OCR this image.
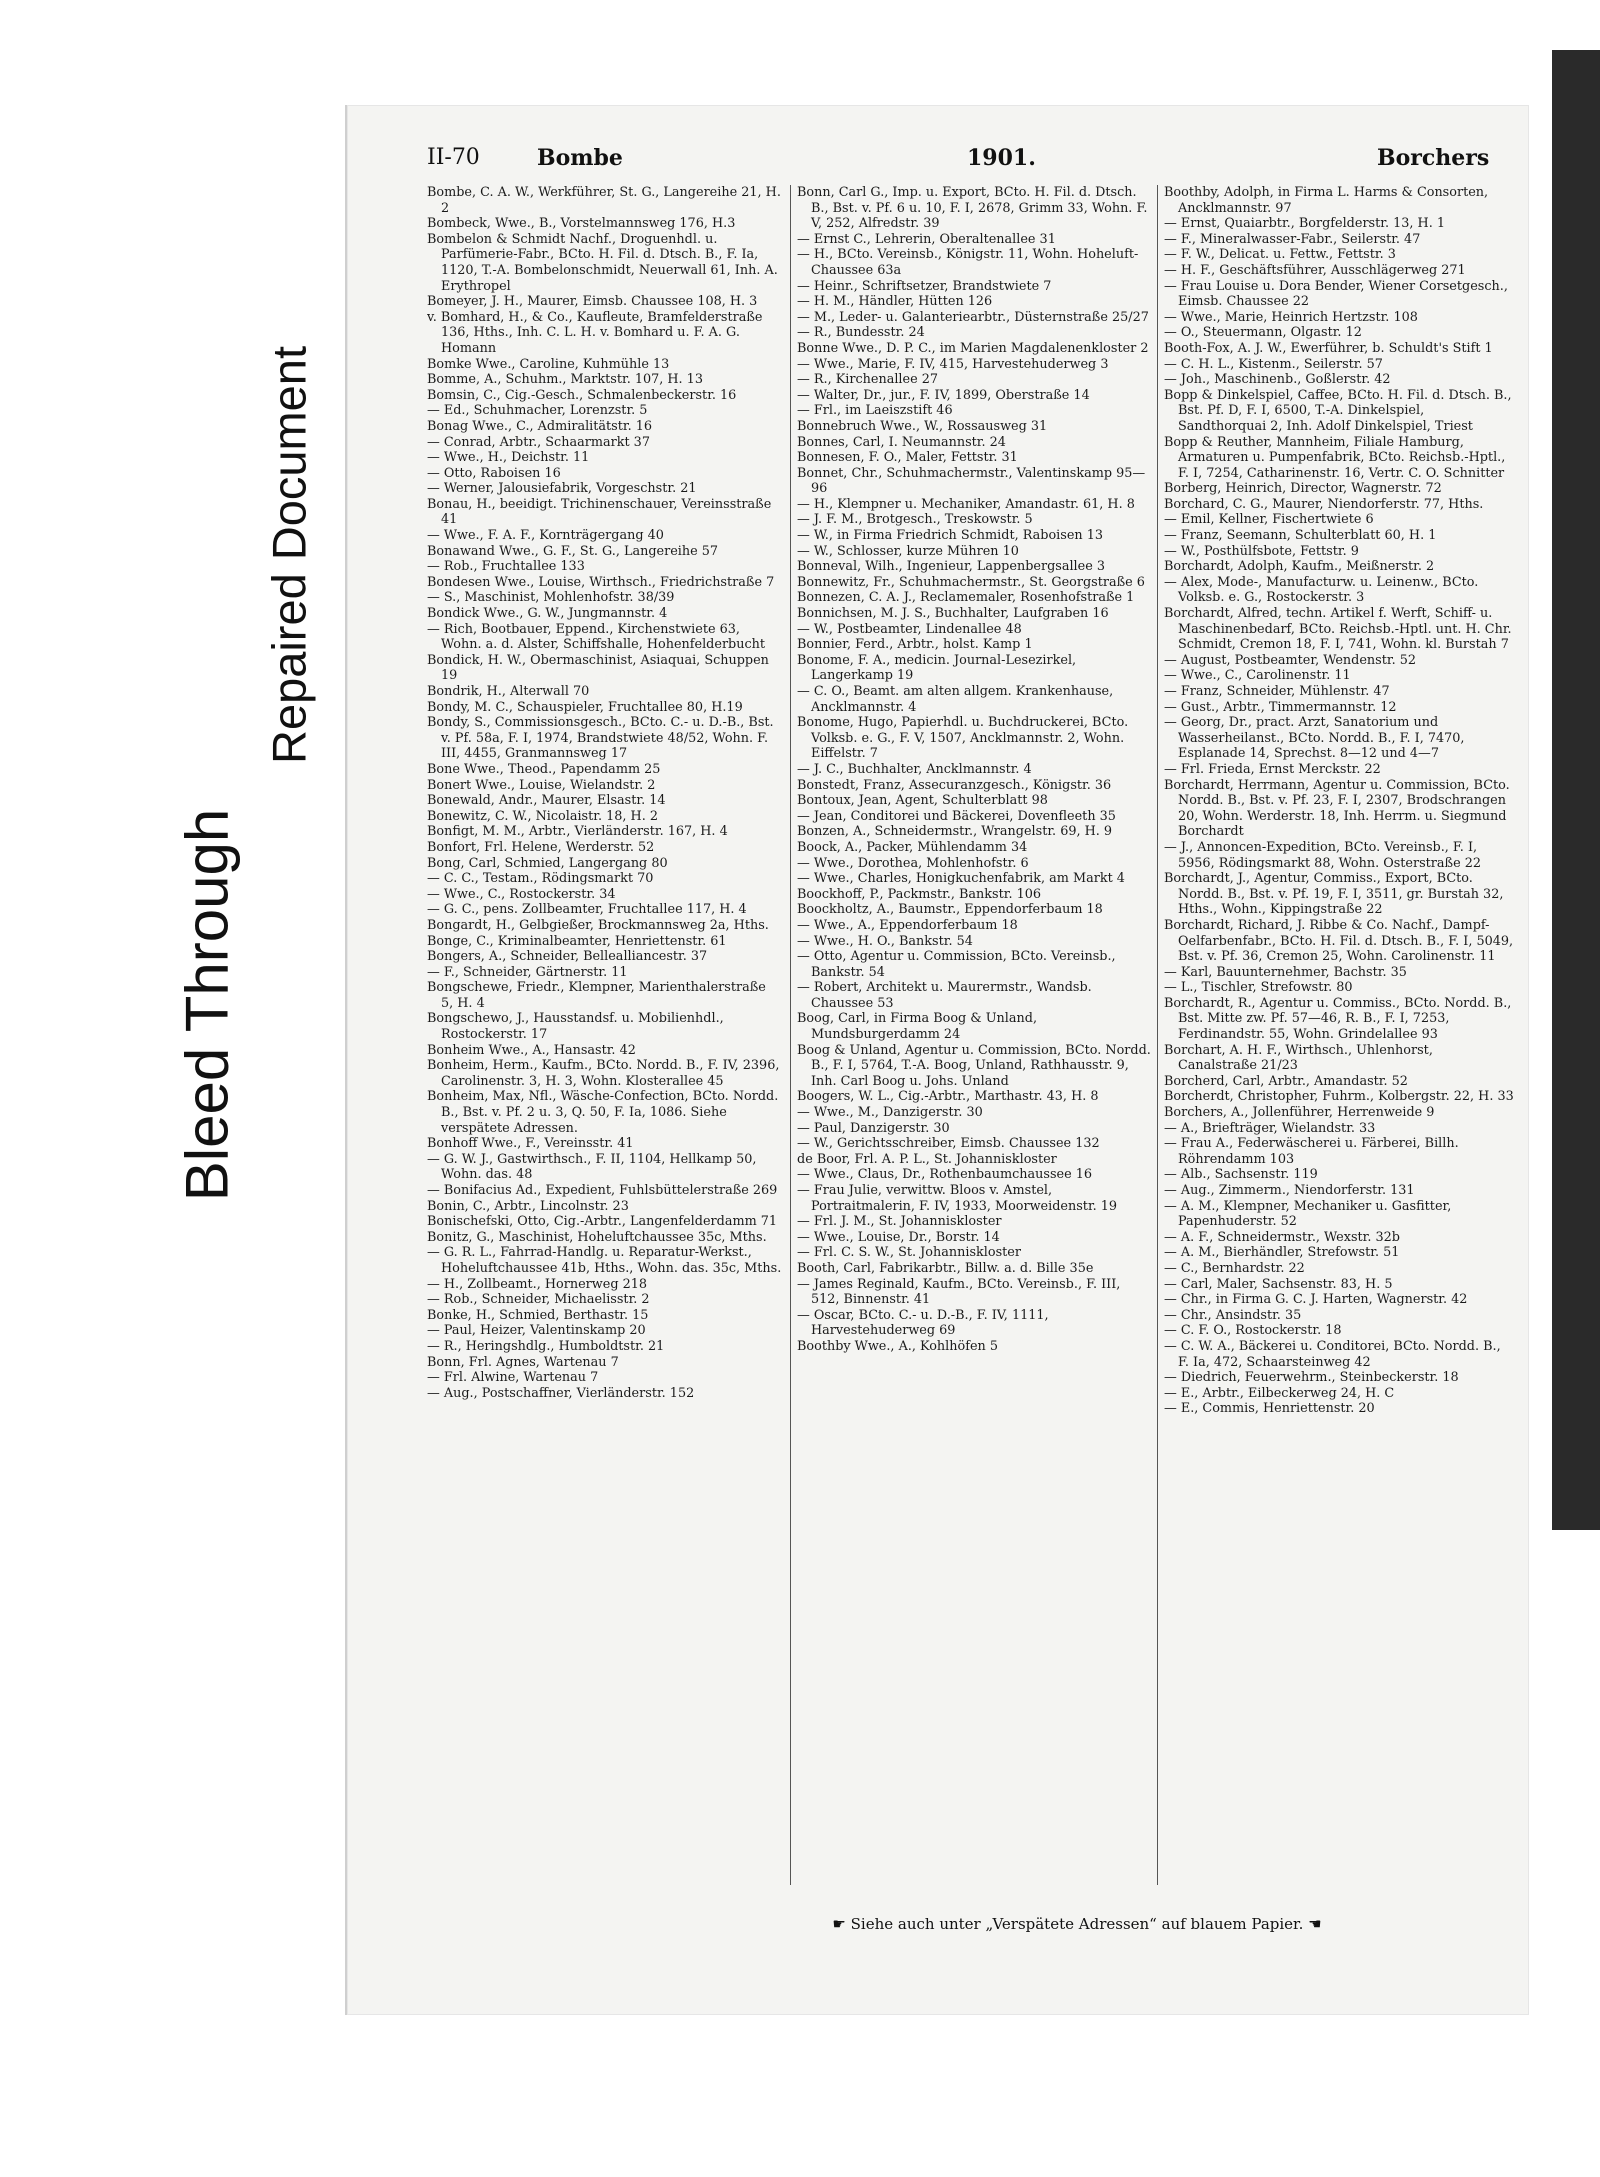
Bleed Through
Repaired Document
II-70	Bombe	1901.	Borchers

Bombe, C. A. W., Werkführer, St. G., Langereihe 21, H. 2

Bombeck, Wwe., B., Vorstelmannsweg 176, H.3

Bombelon & Schmidt Nachf., Droguenhdl. u. Parfümerie-Fabr., BCto. H. Fil. d. Dtsch. B., F. Ia, 1120, T.-A. Bombelonschmidt, Neuerwall 61, Inh. A. Erythropel

Bomeyer, J. H., Maurer, Eimsb. Chaussee 108, H. 3

v. Bomhard, H., & Co., Kaufleute, Bramfelderstraße 136, Hths., Inh. C. L. H. v. Bomhard u. F. A. G. Homann

Bomke Wwe., Caroline, Kuhmühle 13

Bomme, A., Schuhm., Marktstr. 107, H. 13

Bomsin, C., Cig.-Gesch., Schmalenbeckerstr. 16

— Ed., Schuhmacher, Lorenzstr. 5

Bonag Wwe., C., Admiralitätstr. 16

— Conrad, Arbtr., Schaarmarkt 37

— Wwe., H., Deichstr. 11

— Otto, Raboisen 16

— Werner, Jalousiefabrik, Vorgeschstr. 21

Bonau, H., beeidigt. Trichinenschauer, Vereinsstraße 41

— Wwe., F. A. F., Kornträgergang 40

Bonawand Wwe., G. F., St. G., Langereihe 57

— Rob., Fruchtallee 133

Bondesen Wwe., Louise, Wirthsch., Friedrichstraße 7

— S., Maschinist, Mohlenhofstr. 38/39

Bondick Wwe., G. W., Jungmannstr. 4

— Rich, Bootbauer, Eppend., Kirchenstwiete 63, Wohn. a. d. Alster, Schiffshalle, Hohenfelderbucht

Bondick, H. W., Obermaschinist, Asiaquai, Schuppen 19

Bondrik, H., Alterwall 70

Bondy, M. C., Schauspieler, Fruchtallee 80, H.19

Bondy, S., Commissionsgesch., BCto. C.- u. D.-B., Bst. v. Pf. 58a, F. I, 1974, Brandstwiete 48/52, Wohn. F. III, 4455, Granmannsweg 17

Bone Wwe., Theod., Papendamm 25

Bonert Wwe., Louise, Wielandstr. 2

Bonewald, Andr., Maurer, Elsastr. 14

Bonewitz, C. W., Nicolaistr. 18, H. 2

Bonfigt, M. M., Arbtr., Vierländerstr. 167, H. 4

Bonfort, Frl. Helene, Werderstr. 52

Bong, Carl, Schmied, Langergang 80

— C. C., Testam., Rödingsmarkt 70

— Wwe., C., Rostockerstr. 34

— G. C., pens. Zollbeamter, Fruchtallee 117, H. 4

Bongardt, H., Gelbgießer, Brockmannsweg 2a, Hths.

Bonge, C., Kriminalbeamter, Henriettenstr. 61

Bongers, A., Schneider, Bellealliancestr. 37

— F., Schneider, Gärtnerstr. 11

Bongschewe, Friedr., Klempner, Marienthalerstraße 5, H. 4

Bongschewo, J., Hausstandsf. u. Mobilienhdl., Rostockerstr. 17

Bonheim Wwe., A., Hansastr. 42

Bonheim, Herm., Kaufm., BCto. Nordd. B., F. IV, 2396, Carolinenstr. 3, H. 3, Wohn. Klosterallee 45

Bonheim, Max, Nfl., Wäsche-Confection, BCto. Nordd. B., Bst. v. Pf. 2 u. 3, Q. 50, F. Ia, 1086. Siehe verspätete Adressen.

Bonhoff Wwe., F., Vereinsstr. 41

— G. W. J., Gastwirthsch., F. II, 1104, Hellkamp 50, Wohn. das. 48

— Bonifacius Ad., Expedient, Fuhlsbüttelerstraße 269

Bonin, C., Arbtr., Lincolnstr. 23

Bonischefski, Otto, Cig.-Arbtr., Langenfelderdamm 71

Bonitz, G., Maschinist, Hoheluftchaussee 35c, Mths.

— G. R. L., Fahrrad-Handlg. u. Reparatur-Werkst., Hoheluftchaussee 41b, Hths., Wohn. das. 35c, Mths.

— H., Zollbeamt., Hornerweg 218

— Rob., Schneider, Michaelisstr. 2

Bonke, H., Schmied, Berthastr. 15

— Paul, Heizer, Valentinskamp 20

— R., Heringshdlg., Humboldtstr. 21

Bonn, Frl. Agnes, Wartenau 7

— Frl. Alwine, Wartenau 7

— Aug., Postschaffner, Vierländerstr. 152

Bonn, Carl G., Imp. u. Export, BCto. H. Fil. d. Dtsch. B., Bst. v. Pf. 6 u. 10, F. I, 2678, Grimm 33, Wohn. F. V, 252, Alfredstr. 39

— Ernst C., Lehrerin, Oberaltenallee 31

— H., BCto. Vereinsb., Königstr. 11, Wohn. Hoheluft-Chaussee 63a

— Heinr., Schriftsetzer, Brandstwiete 7

— H. M., Händler, Hütten 126

— M., Leder- u. Galanteriearbtr., Düsternstraße 25/27

— R., Bundesstr. 24

Bonne Wwe., D. P. C., im Marien Magdalenenkloster 2

— Wwe., Marie, F. IV, 415, Harvestehuderweg 3

— R., Kirchenallee 27

— Walter, Dr., jur., F. IV, 1899, Oberstraße 14

— Frl., im Laeiszstift 46

Bonnebruch Wwe., W., Rossausweg 31

Bonnes, Carl, I. Neumannstr. 24

Bonnesen, F. O., Maler, Fettstr. 31

Bonnet, Chr., Schuhmachermstr., Valentinskamp 95—96

— H., Klempner u. Mechaniker, Amandastr. 61, H. 8

— J. F. M., Brotgesch., Treskowstr. 5

— W., in Firma Friedrich Schmidt, Raboisen 13

— W., Schlosser, kurze Mühren 10

Bonneval, Wilh., Ingenieur, Lappenbergsallee 3

Bonnewitz, Fr., Schuhmachermstr., St. Georgstraße 6

Bonnezen, C. A. J., Reclamemaler, Rosenhofstraße 1

Bonnichsen, M. J. S., Buchhalter, Laufgraben 16

— W., Postbeamter, Lindenallee 48

Bonnier, Ferd., Arbtr., holst. Kamp 1

Bonome, F. A., medicin. Journal-Lesezirkel, Langerkamp 19

— C. O., Beamt. am alten allgem. Krankenhause, Ancklmannstr. 4

Bonome, Hugo, Papierhdl. u. Buchdruckerei, BCto. Volksb. e. G., F. V, 1507, Ancklmannstr. 2, Wohn. Eiffelstr. 7

— J. C., Buchhalter, Ancklmannstr. 4

Bonstedt, Franz, Assecuranzgesch., Königstr. 36

Bontoux, Jean, Agent, Schulterblatt 98

— Jean, Conditorei und Bäckerei, Dovenfleeth 35

Bonzen, A., Schneidermstr., Wrangelstr. 69, H. 9

Boock, A., Packer, Mühlendamm 34

— Wwe., Dorothea, Mohlenhofstr. 6

— Wwe., Charles, Honigkuchenfabrik, am Markt 4

Boockhoff, P., Packmstr., Bankstr. 106

Boockholtz, A., Baumstr., Eppendorferbaum 18

— Wwe., A., Eppendorferbaum 18

— Wwe., H. O., Bankstr. 54

— Otto, Agentur u. Commission, BCto. Vereinsb., Bankstr. 54

— Robert, Architekt u. Maurermstr., Wandsb. Chaussee 53

Boog, Carl, in Firma Boog & Unland, Mundsburgerdamm 24

Boog & Unland, Agentur u. Commission, BCto. Nordd. B., F. I, 5764, T.-A. Boog, Unland, Rathhausstr. 9, Inh. Carl Boog u. Johs. Unland

Boogers, W. L., Cig.-Arbtr., Marthastr. 43, H. 8

— Wwe., M., Danzigerstr. 30

— Paul, Danzigerstr. 30

— W., Gerichtsschreiber, Eimsb. Chaussee 132

de Boor, Frl. A. P. L., St. Johanniskloster

— Wwe., Claus, Dr., Rothenbaumchaussee 16

— Frau Julie, verwittw. Bloos v. Amstel, Portraitmalerin, F. IV, 1933, Moorweidenstr. 19

— Frl. J. M., St. Johanniskloster

— Wwe., Louise, Dr., Borstr. 14

— Frl. C. S. W., St. Johanniskloster

Booth, Carl, Fabrikarbtr., Billw. a. d. Bille 35e

— James Reginald, Kaufm., BCto. Vereinsb., F. III, 512, Binnenstr. 41

— Oscar, BCto. C.- u. D.-B., F. IV, 1111, Harvestehuderweg 69

Boothby Wwe., A., Kohlhöfen 5

Boothby, Adolph, in Firma L. Harms & Consorten, Ancklmannstr. 97

— Ernst, Quaiarbtr., Borgfelderstr. 13, H. 1

— F., Mineralwasser-Fabr., Seilerstr. 47

— F. W., Delicat. u. Fettw., Fettstr. 3

— H. F., Geschäftsführer, Ausschlägerweg 271

— Frau Louise u. Dora Bender, Wiener Corsetgesch., Eimsb. Chaussee 22

— Wwe., Marie, Heinrich Hertzstr. 108

— O., Steuermann, Olgastr. 12

Booth-Fox, A. J. W., Ewerführer, b. Schuldt's Stift 1

— C. H. L., Kistenm., Seilerstr. 57

— Joh., Maschinenb., Goßlerstr. 42

Bopp & Dinkelspiel, Caffee, BCto. H. Fil. d. Dtsch. B., Bst. Pf. D, F. I, 6500, T.-A. Dinkelspiel, Sandthorquai 2, Inh. Adolf Dinkelspiel, Triest

Bopp & Reuther, Mannheim, Filiale Hamburg, Armaturen u. Pumpenfabrik, BCto. Reichsb.-Hptl., F. I, 7254, Catharinenstr. 16, Vertr. C. O. Schnitter

Borberg, Heinrich, Director, Wagnerstr. 72

Borchard, C. G., Maurer, Niendorferstr. 77, Hths.

— Emil, Kellner, Fischertwiete 6

— Franz, Seemann, Schulterblatt 60, H. 1

— W., Posthülfsbote, Fettstr. 9

Borchardt, Adolph, Kaufm., Meißnerstr. 2

— Alex, Mode-, Manufacturw. u. Leinenw., BCto. Volksb. e. G., Rostockerstr. 3

Borchardt, Alfred, techn. Artikel f. Werft, Schiff- u. Maschinenbedarf, BCto. Reichsb.-Hptl. unt. H. Chr. Schmidt, Cremon 18, F. I, 741, Wohn. kl. Burstah 7

— August, Postbeamter, Wendenstr. 52

— Wwe., C., Carolinenstr. 11

— Franz, Schneider, Mühlenstr. 47

— Gust., Arbtr., Timmermannstr. 12

— Georg, Dr., pract. Arzt, Sanatorium und Wasserheilanst., BCto. Nordd. B., F. I, 7470, Esplanade 14, Sprechst. 8—12 und 4—7

— Frl. Frieda, Ernst Merckstr. 22

Borchardt, Herrmann, Agentur u. Commission, BCto. Nordd. B., Bst. v. Pf. 23, F. I, 2307, Brodschrangen 20, Wohn. Werderstr. 18, Inh. Herrm. u. Siegmund Borchardt

— J., Annoncen-Expedition, BCto. Vereinsb., F. I, 5956, Rödingsmarkt 88, Wohn. Osterstraße 22

Borchardt, J., Agentur, Commiss., Export, BCto. Nordd. B., Bst. v. Pf. 19, F. I, 3511, gr. Burstah 32, Hths., Wohn., Kippingstraße 22

Borchardt, Richard, J. Ribbe & Co. Nachf., Dampf-Oelfarbenfabr., BCto. H. Fil. d. Dtsch. B., F. I, 5049, Bst. v. Pf. 36, Cremon 25, Wohn. Carolinenstr. 11

— Karl, Bauunternehmer, Bachstr. 35

— L., Tischler, Strefowstr. 80

Borchardt, R., Agentur u. Commiss., BCto. Nordd. B., Bst. Mitte zw. Pf. 57—46, R. B., F. I, 7253, Ferdinandstr. 55, Wohn. Grindelallee 93

Borchart, A. H. F., Wirthsch., Uhlenhorst, Canalstraße 21/23

Borcherd, Carl, Arbtr., Amandastr. 52

Borcherdt, Christopher, Fuhrm., Kolbergstr. 22, H. 33

Borchers, A., Jollenführer, Herrenweide 9

— A., Briefträger, Wielandstr. 33

— Frau A., Federwäscherei u. Färberei, Billh. Röhrendamm 103

— Alb., Sachsenstr. 119

— Aug., Zimmerm., Niendorferstr. 131

— A. M., Klempner, Mechaniker u. Gasfitter, Papenhuderstr. 52

— A. F., Schneidermstr., Wexstr. 32b

— A. M., Bierhändler, Strefowstr. 51

— C., Bernhardstr. 22

— Carl, Maler, Sachsenstr. 83, H. 5

— Chr., in Firma G. C. J. Harten, Wagnerstr. 42

— Chr., Ansindstr. 35

— C. F. O., Rostockerstr. 18

— C. W. A., Bäckerei u. Conditorei, BCto. Nordd. B., F. Ia, 472, Schaarsteinweg 42

— Diedrich, Feuerwehrm., Steinbeckerstr. 18

— E., Arbtr., Eilbeckerweg 24, H. C

— E., Commis, Henriettenstr. 20

☛ Siehe auch unter „Verspätete Adressen“ auf blauem Papier. ☚
